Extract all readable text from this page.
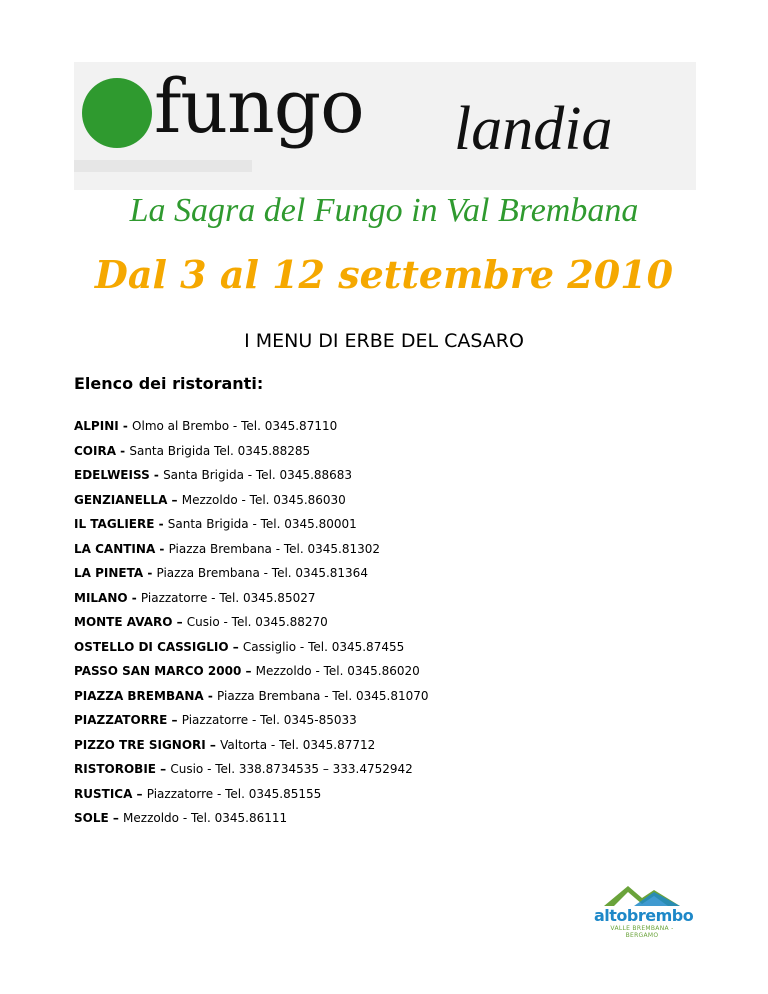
fungo landia
La Sagra del Fungo in Val Brembana
Dal 3 al 12 settembre 2010
I MENU DI ERBE DEL CASARO
Elenco dei ristoranti:
ALPINI - Olmo al Brembo - Tel. 0345.87110
COIRA - Santa Brigida Tel. 0345.88285
EDELWEISS - Santa Brigida - Tel. 0345.88683
GENZIANELLA – Mezzoldo - Tel. 0345.86030
IL TAGLIERE - Santa Brigida - Tel. 0345.80001
LA CANTINA - Piazza Brembana - Tel. 0345.81302
LA PINETA - Piazza Brembana - Tel. 0345.81364
MILANO - Piazzatorre - Tel. 0345.85027
MONTE AVARO – Cusio - Tel. 0345.88270
OSTELLO DI CASSIGLIO – Cassiglio - Tel. 0345.87455
PASSO SAN MARCO 2000 – Mezzoldo - Tel. 0345.86020
PIAZZA BREMBANA - Piazza Brembana - Tel. 0345.81070
PIAZZATORRE – Piazzatorre - Tel. 0345-85033
PIZZO TRE SIGNORI – Valtorta - Tel. 0345.87712
RISTOROBIE – Cusio - Tel. 338.8734535 – 333.4752942
RUSTICA – Piazzatorre - Tel. 0345.85155
SOLE – Mezzoldo - Tel. 0345.86111
altobrembo
VALLE BREMBANA - BERGAMO
